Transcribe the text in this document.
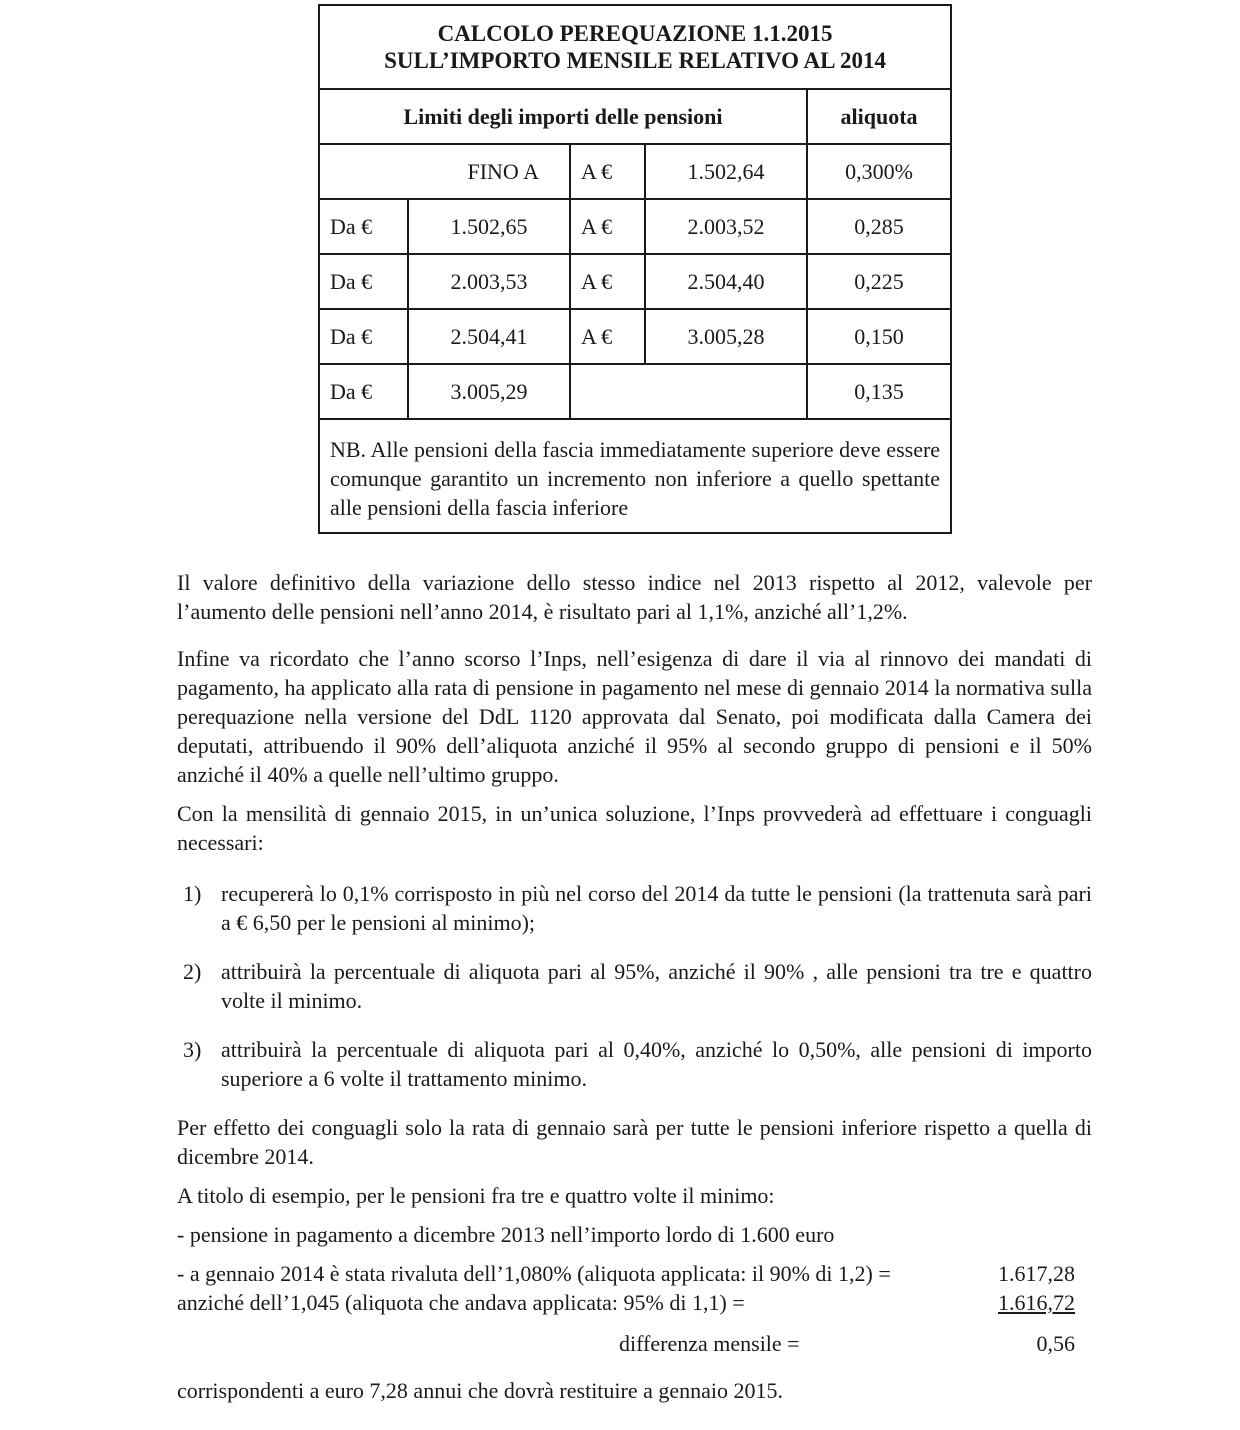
CALCOLO PEREQUAZIONE 1.1.2015
SULL’IMPORTO MENSILE RELATIVO AL 2014				

Limiti degli importi delle pensioni				aliquota
FINO A		A €	1.502,64	0,300%
Da €	1.502,65	A €	2.003,52	0,285
Da €	2.003,53	A €	2.504,40	0,225
Da €	2.504,41	A €	3.005,28	0,150
Da €	3.005,29			0,135
NB. Alle pensioni della fascia immediatamente superiore deve essere comunque garantito un incremento non inferiore a quello spettante alle pensioni della fascia inferiore				

Il valore definitivo della variazione dello stesso indice nel 2013 rispetto al 2012, valevole per l’aumento delle pensioni nell’anno 2014, è risultato pari al 1,1%, anziché all’1,2%.

Infine va ricordato che l’anno scorso l’Inps, nell’esigenza di dare il via al rinnovo dei mandati di pagamento, ha applicato alla rata di pensione in pagamento nel mese di gennaio 2014 la normativa sulla perequazione nella versione del DdL 1120 approvata dal Senato, poi modificata dalla Camera dei deputati, attribuendo il 90% dell’aliquota anziché il 95% al secondo gruppo di pensioni e il 50% anziché il 40% a quelle nell’ultimo gruppo.

Con la mensilità di gennaio 2015, in un’unica soluzione, l’Inps provvederà ad effettuare i conguagli necessari:

1) recupererà lo 0,1% corrisposto in più nel corso del 2014 da tutte le pensioni (la trattenuta sarà pari a € 6,50 per le pensioni al minimo);
2) attribuirà la percentuale di aliquota pari al 95%, anziché il 90% , alle pensioni tra tre e quattro volte il minimo.
3) attribuirà la percentuale di aliquota pari al 0,40%, anziché lo 0,50%, alle pensioni di importo superiore a 6 volte il trattamento minimo.

Per effetto dei conguagli solo la rata di gennaio sarà per tutte le pensioni inferiore rispetto a quella di dicembre 2014.

A titolo di esempio, per le pensioni fra tre e quattro volte il minimo:

- pensione in pagamento a dicembre 2013 nell’importo lordo di 1.600 euro
- a gennaio 2014 è stata rivaluta dell’1,080% (aliquota applicata: il 90% di 1,2) =	1.617,28
anziché dell’1,045 (aliquota che andava applicata: 95% di 1,1) =	1.616,72
differenza mensile =	0,56
corrispondenti a euro 7,28 annui che dovrà restituire a gennaio 2015.
